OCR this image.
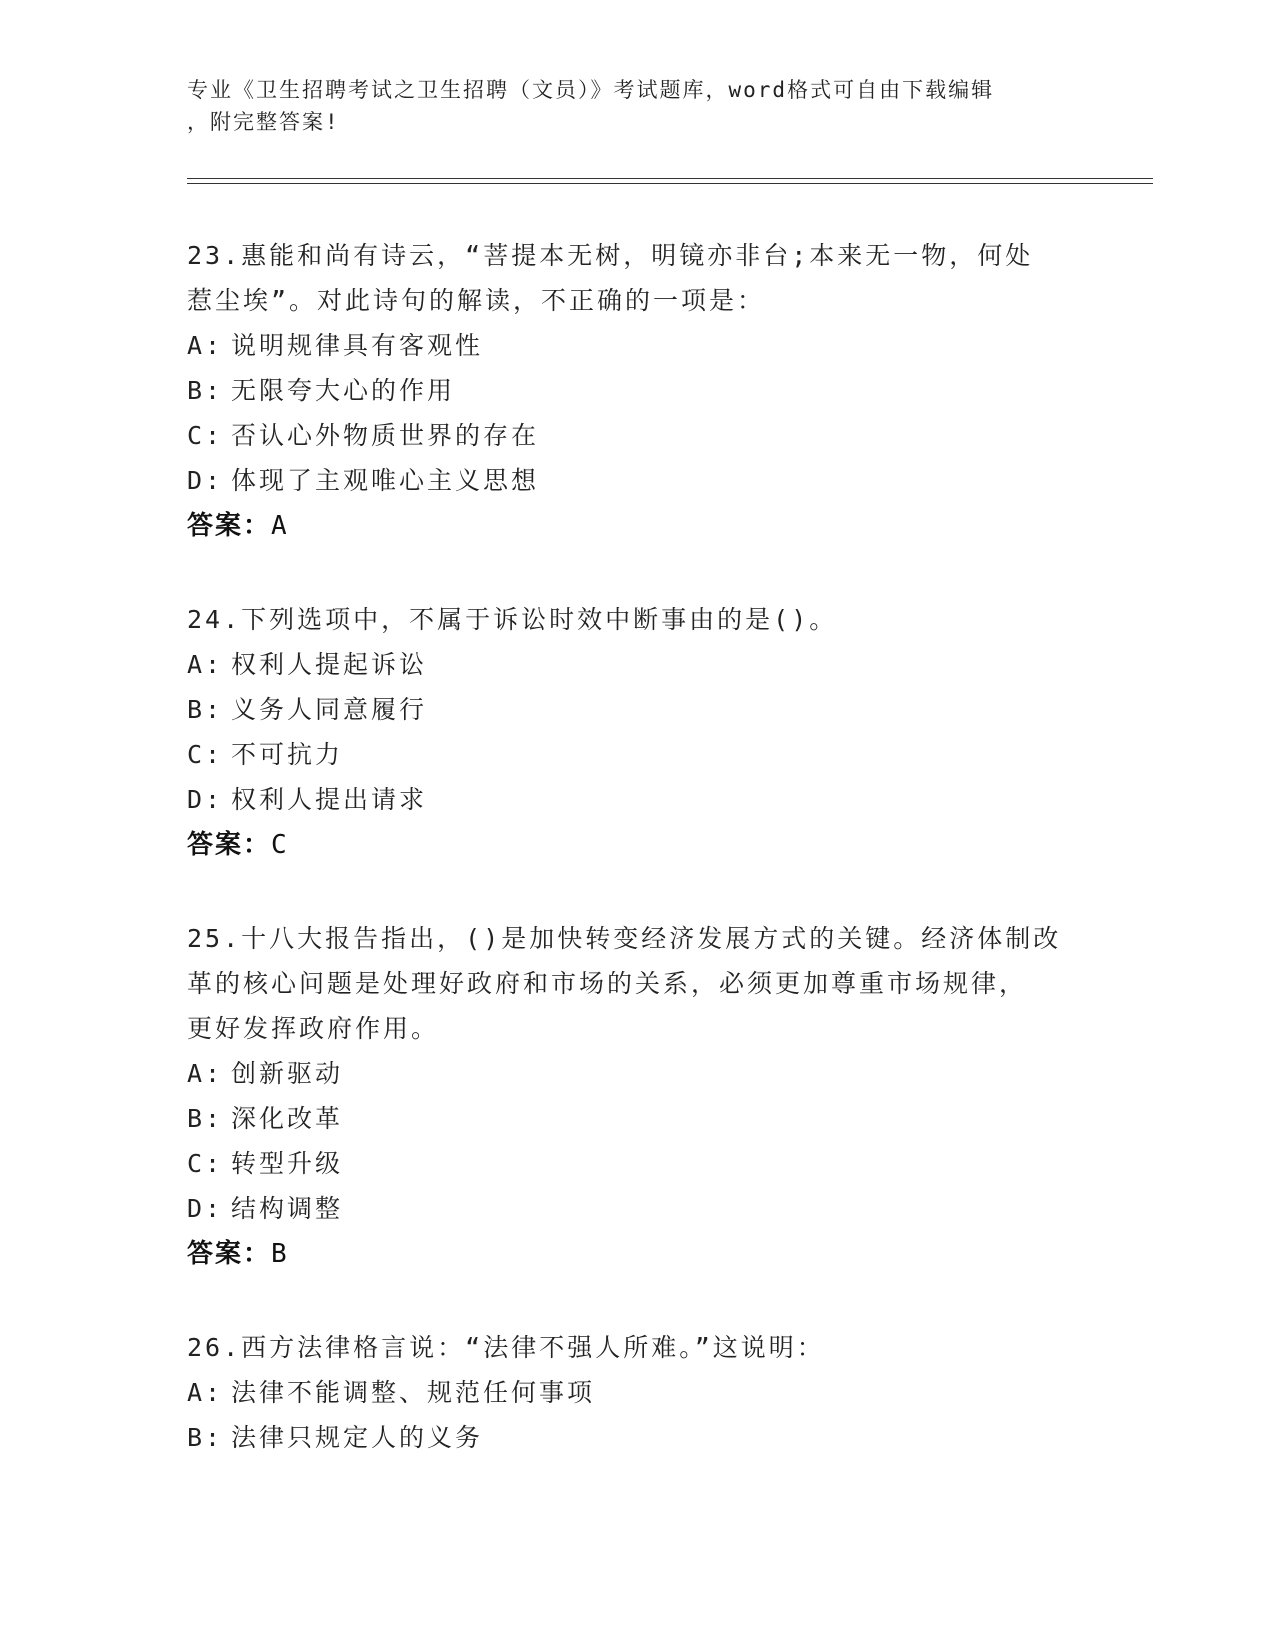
专业《卫生招聘考试之卫生招聘（文员）》考试题库，word格式可自由下载编辑
，附完整答案!
23.惠能和尚有诗云，“菩提本无树，明镜亦非台;本来无一物，何处
惹尘埃”。对此诗句的解读，不正确的一项是：
A: 说明规律具有客观性
B: 无限夸大心的作用
C: 否认心外物质世界的存在
D: 体现了主观唯心主义思想
答案：A
24.下列选项中，不属于诉讼时效中断事由的是()。
A: 权利人提起诉讼
B: 义务人同意履行
C: 不可抗力
D: 权利人提出请求
答案：C
25.十八大报告指出，()是加快转变经济发展方式的关键。经济体制改
革的核心问题是处理好政府和市场的关系，必须更加尊重市场规律，
更好发挥政府作用。
A: 创新驱动
B: 深化改革
C: 转型升级
D: 结构调整
答案：B
26.西方法律格言说：“法律不强人所难。”这说明：
A: 法律不能调整、规范任何事项
B: 法律只规定人的义务
